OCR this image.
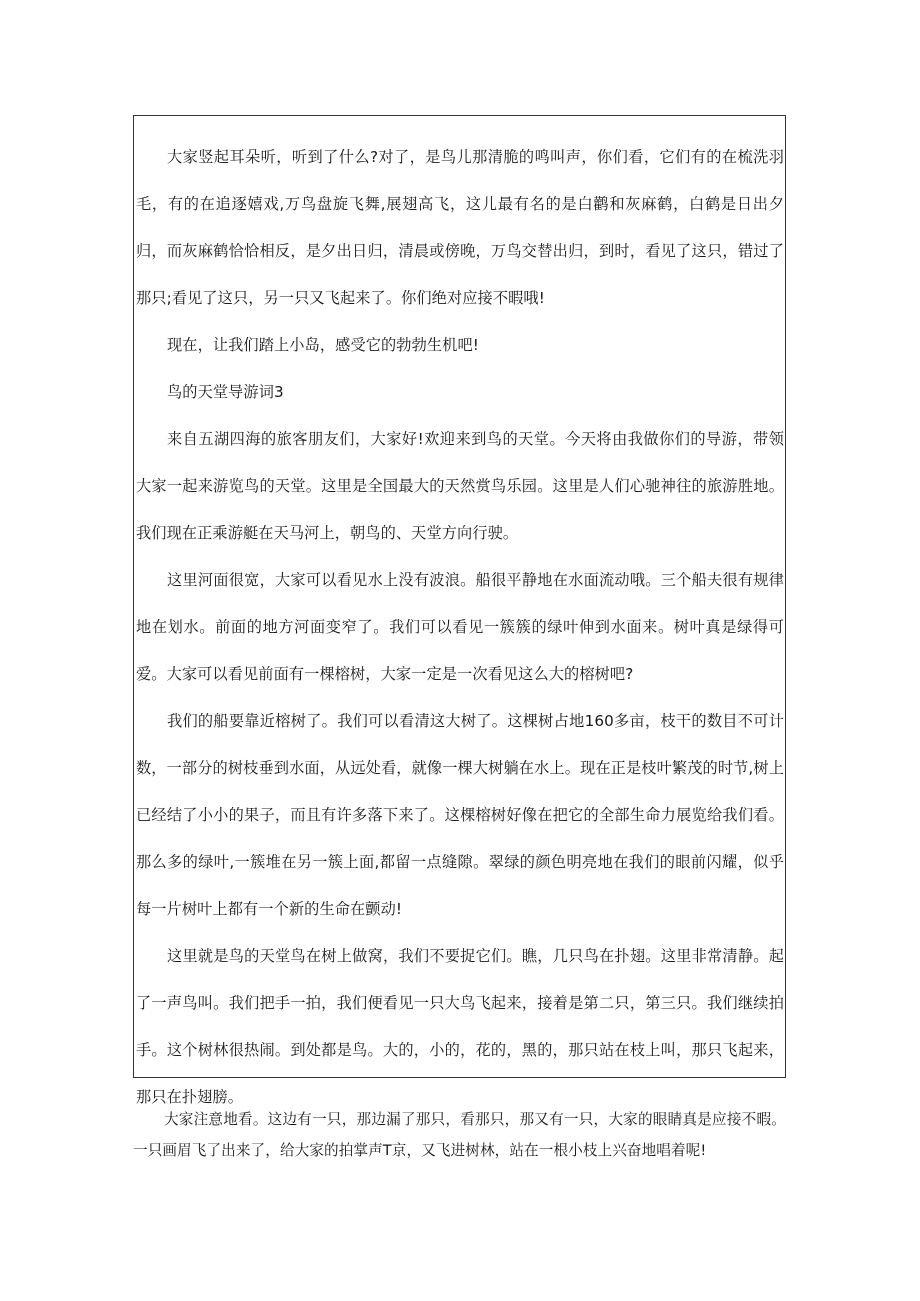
大家竖起耳朵听，听到了什么?对了，是鸟儿那清脆的鸣叫声，你们看，它们有的在梳洗羽毛，有的在追逐嬉戏,万鸟盘旋飞舞,展翅高飞，这儿最有名的是白鹳和灰麻鹤，白鹤是日出夕归，而灰麻鹤恰恰相反，是夕出日归，清晨或傍晚，万鸟交替出归，到时，看见了这只，错过了那只;看见了这只，另一只又飞起来了。你们绝对应接不暇哦!

现在，让我们踏上小岛，感受它的勃勃生机吧!

鸟的天堂导游词3

来自五湖四海的旅客朋友们，大家好!欢迎来到鸟的天堂。今天将由我做你们的导游，带领大家一起来游览鸟的天堂。这里是全国最大的天然赏鸟乐园。这里是人们心驰神往的旅游胜地。我们现在正乘游艇在天马河上，朝鸟的、天堂方向行驶。

这里河面很宽，大家可以看见水上没有波浪。船很平静地在水面流动哦。三个船夫很有规律地在划水。前面的地方河面变窄了。我们可以看见一簇簇的绿叶伸到水面来。树叶真是绿得可爱。大家可以看见前面有一棵榕树，大家一定是一次看见这么大的榕树吧?

我们的船要靠近榕树了。我们可以看清这大树了。这棵树占地160多亩，枝干的数目不可计数，一部分的树枝垂到水面，从远处看，就像一棵大树躺在水上。现在正是枝叶繁茂的时节,树上已经结了小小的果子，而且有许多落下来了。这棵榕树好像在把它的全部生命力展览给我们看。那么多的绿叶,一簇堆在另一簇上面,都留一点缝隙。翠绿的颜色明亮地在我们的眼前闪耀，似乎每一片树叶上都有一个新的生命在颤动!

这里就是鸟的天堂鸟在树上做窝，我们不要捉它们。瞧，几只鸟在扑翅。这里非常清静。起了一声鸟叫。我们把手一拍，我们便看见一只大鸟飞起来，接着是第二只，第三只。我们继续拍手。这个树林很热闹。到处都是鸟。大的，小的，花的，黑的，那只站在枝上叫，那只飞起来，那只在扑翅膀。

大家注意地看。这边有一只，那边漏了那只，看那只，那又有一只，大家的眼睛真是应接不暇。一只画眉飞了出来了，给大家的拍掌声T京，又飞进树林，站在一根小枝上兴奋地唱着呢!
